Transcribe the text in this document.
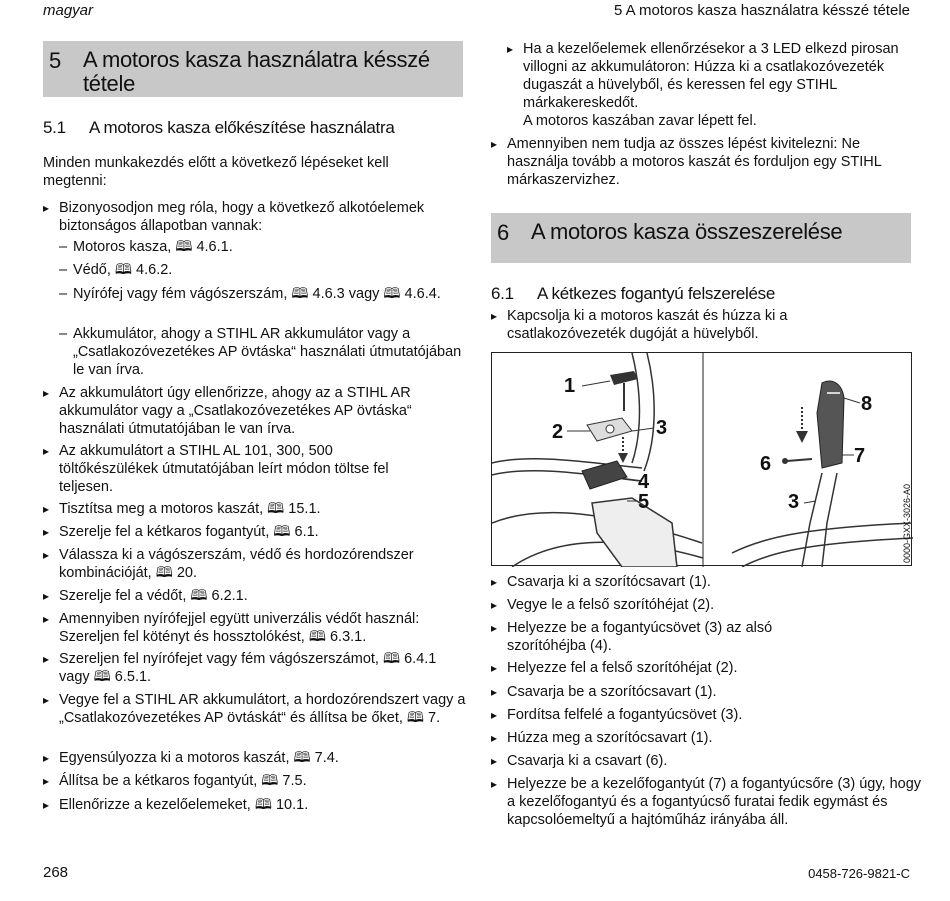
magyar	5 A motoros kasza használatra késszé tétele
5 A motoros kasza használatra késszé tétele
5.1 A motoros kasza előkészítése használatra
Minden munkakezdés előtt a következő lépéseket kell megtenni:
▸ Bizonyosodjon meg róla, hogy a következő alkotóelemek biztonságos állapotban vannak:
– Motoros kasza, 🕮 4.6.1.
– Védő, 🕮 4.6.2.
– Nyírófej vagy fém vágószerszám, 🕮 4.6.3 vagy 🕮 4.6.4.
– Akkumulátor, ahogy a STIHL AR akkumulátor vagy a „Csatlakozóvezetékes AP övtáska“ használati útmutatójában le van írva.
▸ Az akkumulátort úgy ellenőrizze, ahogy az a STIHL AR akkumulátor vagy a „Csatlakozóvezetékes AP övtáska“ használati útmutatójában le van írva.
▸ Az akkumulátort a STIHL AL 101, 300, 500 töltőkészülékek útmutatójában leírt módon töltse fel teljesen.
▸ Tisztítsa meg a motoros kaszát, 🕮 15.1.
▸ Szerelje fel a kétkaros fogantyút, 🕮 6.1.
▸ Válassza ki a vágószerszám, védő és hordozórendszer kombinációját, 🕮 20.
▸ Szerelje fel a védőt, 🕮 6.2.1.
▸ Amennyiben nyírófejjel együtt univerzális védőt használ: Szereljen fel kötényt és hossztolókést, 🕮 6.3.1.
▸ Szereljen fel nyírófejet vagy fém vágószerszámot, 🕮 6.4.1 vagy 🕮 6.5.1.
▸ Vegye fel a STIHL AR akkumulátort, a hordozórendszert vagy a „Csatlakozóvezetékes AP övtáskát“ és állítsa be őket, 🕮 7.
▸ Egyensúlyozza ki a motoros kaszát, 🕮 7.4.
▸ Állítsa be a kétkaros fogantyút, 🕮 7.5.
▸ Ellenőrizze a kezelőelemeket, 🕮 10.1.
▸ Ha a kezelőelemek ellenőrzésekor a 3 LED elkezd pirosan villogni az akkumulátoron: Húzza ki a csatlakozóvezeték dugaszát a hüvelyből, és keressen fel egy STIHL márkakereskedőt.
A motoros kaszában zavar lépett fel.
▸ Amennyiben nem tudja az összes lépést kivitelezni: Ne használja tovább a motoros kaszát és forduljon egy STIHL márkaszervizhez.
6 A motoros kasza összeszerelése
6.1 A kétkezes fogantyú felszerelése
▸ Kapcsolja ki a motoros kaszát és húzza ki a csatlakozóvezeték dugóját a hüvelyből.
1
2	3
4
5
8
7
6
3	0000-GXX-3026-A0
▸ Csavarja ki a szorítócsavart (1).
▸ Vegye le a felső szorítóhéjat (2).
▸ Helyezze be a fogantyúcsövet (3) az alsó szorítóhéjba (4).
▸ Helyezze fel a felső szorítóhéjat (2).
▸ Csavarja be a szorítócsavart (1).
▸ Fordítsa felfelé a fogantyúcsövet (3).
▸ Húzza meg a szorítócsavart (1).
▸ Csavarja ki a csavart (6).
▸ Helyezze be a kezelőfogantyút (7) a fogantyúcsőre (3) úgy, hogy a kezelőfogantyú és a fogantyúcső furatai fedik egymást és kapcsolóemeltyű a hajtóműház irányába áll.
268	0458-726-9821-C
